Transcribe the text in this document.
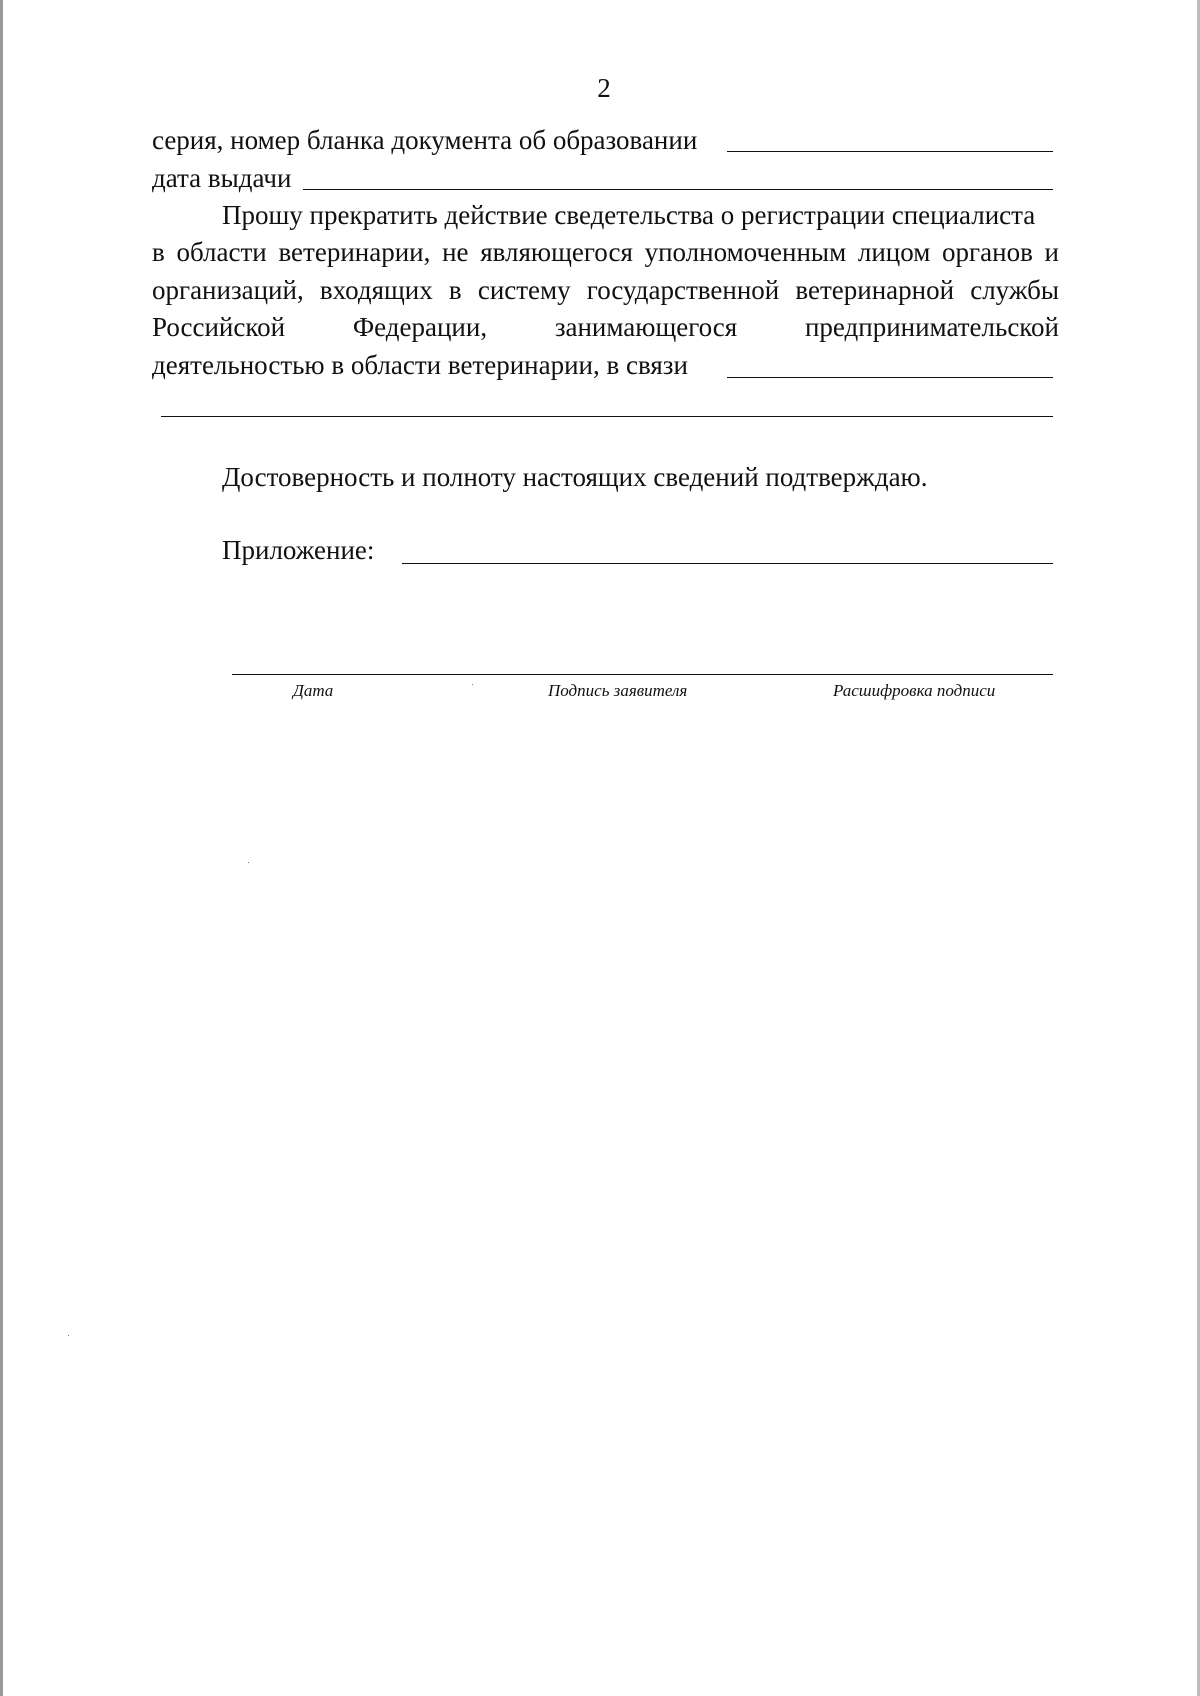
2
серия, номер бланка документа об образовании
дата выдачи
Прошу прекратить действие сведетельства о регистрации специалиста
в области ветеринарии, не являющегося уполномоченным лицом органов и
организаций, входящих в систему государственной ветеринарной службы
Российской Федерации, занимающегося предпринимательской
деятельностью в области ветеринарии, в связи
Достоверность и полноту настоящих сведений подтверждаю.
Приложение:
Дата	Подпись заявителя	Расшифровка подписи
